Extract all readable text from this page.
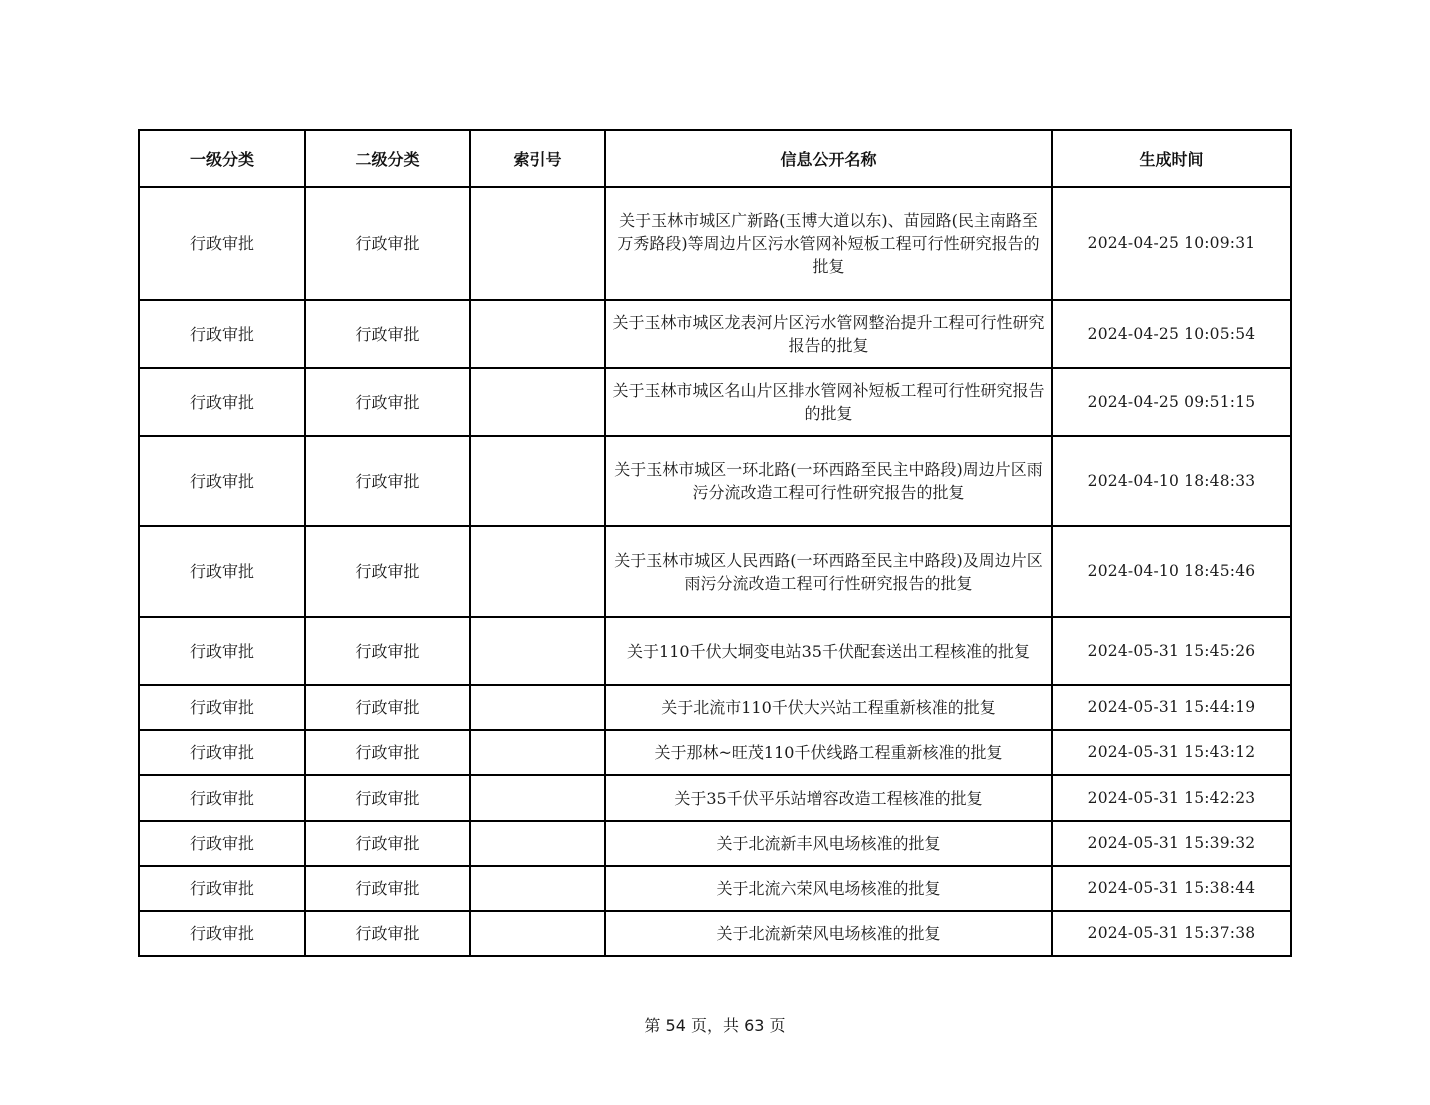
一级分类	二级分类	索引号	信息公开名称	生成时间
行政审批	行政审批		关于玉林市城区广新路(玉博大道以东)、苗园路(民主南路至万秀路段)等周边片区污水管网补短板工程可行性研究报告的批复	2024-04-25 10:09:31
行政审批	行政审批		关于玉林市城区龙表河片区污水管网整治提升工程可行性研究报告的批复	2024-04-25 10:05:54
行政审批	行政审批		关于玉林市城区名山片区排水管网补短板工程可行性研究报告的批复	2024-04-25 09:51:15
行政审批	行政审批		关于玉林市城区一环北路(一环西路至民主中路段)周边片区雨污分流改造工程可行性研究报告的批复	2024-04-10 18:48:33
行政审批	行政审批		关于玉林市城区人民西路(一环西路至民主中路段)及周边片区雨污分流改造工程可行性研究报告的批复	2024-04-10 18:45:46
行政审批	行政审批		关于110千伏大垌变电站35千伏配套送出工程核准的批复	2024-05-31 15:45:26
行政审批	行政审批		关于北流市110千伏大兴站工程重新核准的批复	2024-05-31 15:44:19
行政审批	行政审批		关于那林~旺茂110千伏线路工程重新核准的批复	2024-05-31 15:43:12
行政审批	行政审批		关于35千伏平乐站增容改造工程核准的批复	2024-05-31 15:42:23
行政审批	行政审批		关于北流新丰风电场核准的批复	2024-05-31 15:39:32
行政审批	行政审批		关于北流六荣风电场核准的批复	2024-05-31 15:38:44
行政审批	行政审批		关于北流新荣风电场核准的批复	2024-05-31 15:37:38
第 54 页，共 63 页
